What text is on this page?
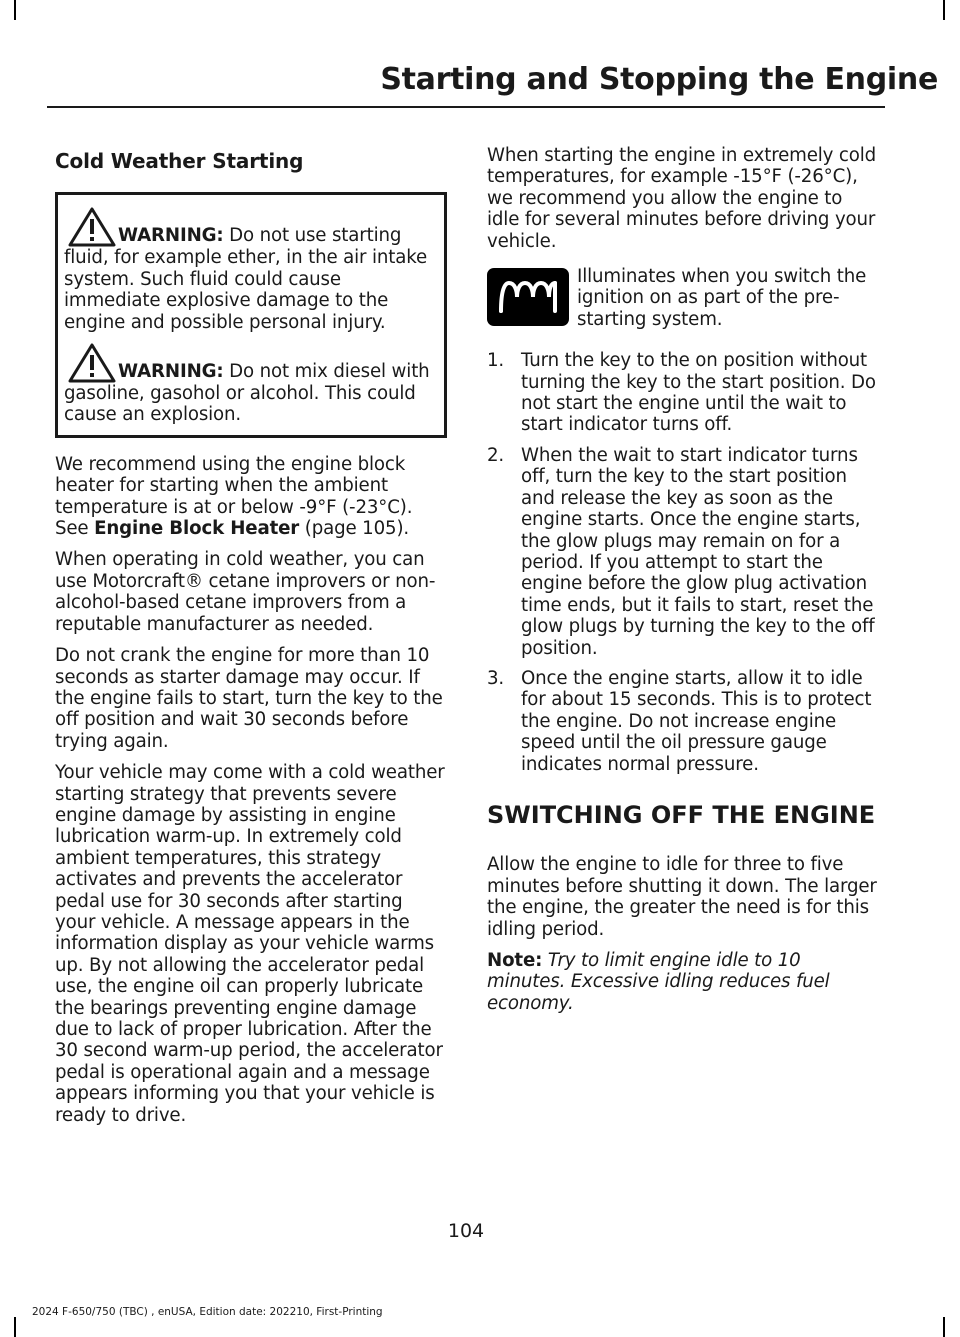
Starting and Stopping the Engine
Cold Weather Starting

WARNING: Do not use starting fluid, for example ether, in the air intake system. Such fluid could cause immediate explosive damage to the engine and possible personal injury.

WARNING: Do not mix diesel with gasoline, gasohol or alcohol. This could cause an explosion.

We recommend using the engine block heater for starting when the ambient temperature is at or below -9°F (-23°C). See Engine Block Heater (page 105).

When operating in cold weather, you can use Motorcraft® cetane improvers or non-alcohol-based cetane improvers from a reputable manufacturer as needed.

Do not crank the engine for more than 10 seconds as starter damage may occur. If the engine fails to start, turn the key to the off position and wait 30 seconds before trying again.

Your vehicle may come with a cold weather starting strategy that prevents severe engine damage by assisting in engine lubrication warm-up. In extremely cold ambient temperatures, this strategy activates and prevents the accelerator pedal use for 30 seconds after starting your vehicle. A message appears in the information display as your vehicle warms up. By not allowing the accelerator pedal use, the engine oil can properly lubricate the bearings preventing engine damage due to lack of proper lubrication. After the 30 second warm-up period, the accelerator pedal is operational again and a message appears informing you that your vehicle is ready to drive.

When starting the engine in extremely cold temperatures, for example -15°F (-26°C), we recommend you allow the engine to idle for several minutes before driving your vehicle.

Illuminates when you switch the ignition on as part of the pre-starting system.
1. Turn the key to the on position without turning the key to the start position. Do not start the engine until the wait to start indicator turns off.
2. When the wait to start indicator turns off, turn the key to the start position and release the key as soon as the engine starts. Once the engine starts, the glow plugs may remain on for a period. If you attempt to start the engine before the glow plug activation time ends, but it fails to start, reset the glow plugs by turning the key to the off position.
3. Once the engine starts, allow it to idle for about 15 seconds. This is to protect the engine. Do not increase engine speed until the oil pressure gauge indicates normal pressure.
SWITCHING OFF THE ENGINE

Allow the engine to idle for three to five minutes before shutting it down. The larger the engine, the greater the need is for this idling period.

Note: Try to limit engine idle to 10 minutes. Excessive idling reduces fuel economy.

104
2024 F-650/750 (TBC) , enUSA, Edition date: 202210, First-Printing
